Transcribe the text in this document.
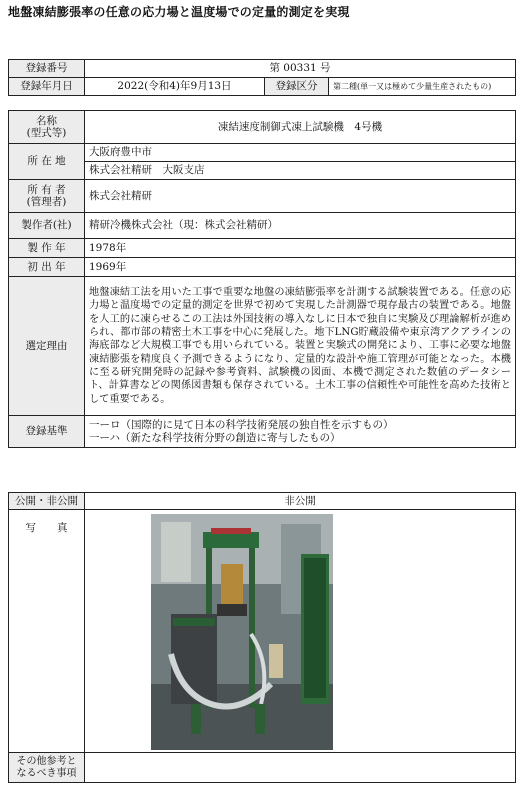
地盤凍結膨張率の任意の応力場と温度場での定量的測定を実現
登録番号	第 00331 号		
登録年月日	2022(令和4)年9月13日	登録区分	第二種(単一又は極めて少量生産されたもの)
名称
(型式等)	凍結速度制御式凍上試験機　4号機
所 在 地	大阪府豊中市
	株式会社精研　大阪支店
所 有 者
(管理者)	株式会社精研
製作者(社)	精研冷機株式会社（現：株式会社精研）
製 作 年	1978年
初 出 年	1969年
選定理由	地盤凍結工法を用いた工事で重要な地盤の凍結膨張率を計測する試験装置である。任意の応力場と温度場での定量的測定を世界で初めて実現した計測器で現存最古の装置である。地盤を人工的に凍らせるこの工法は外国技術の導入なしに日本で独自に実験及び理論解析が進められ、都市部の精密土木工事を中心に発展した。地下LNG貯蔵設備や東京湾アクアラインの海底部など大規模工事でも用いられている。装置と実験式の開発により、工事に必要な地盤凍結膨張を精度良く予測できるようになり、定量的な設計や施工管理が可能となった。本機に至る研究開発時の記録や参考資料、試験機の図面、本機で測定された数値のデータシート、計算書などの関係図書類も保存されている。土木工事の信頼性や可能性を高めた技術として重要である。
登録基準	一ーロ（国際的に見て日本の科学技術発展の独自性を示すもの）
一ーハ（新たな科学技術分野の創造に寄与したもの）
公開・非公開	非公開
写　　真	

その他参考と
なるべき事項	
